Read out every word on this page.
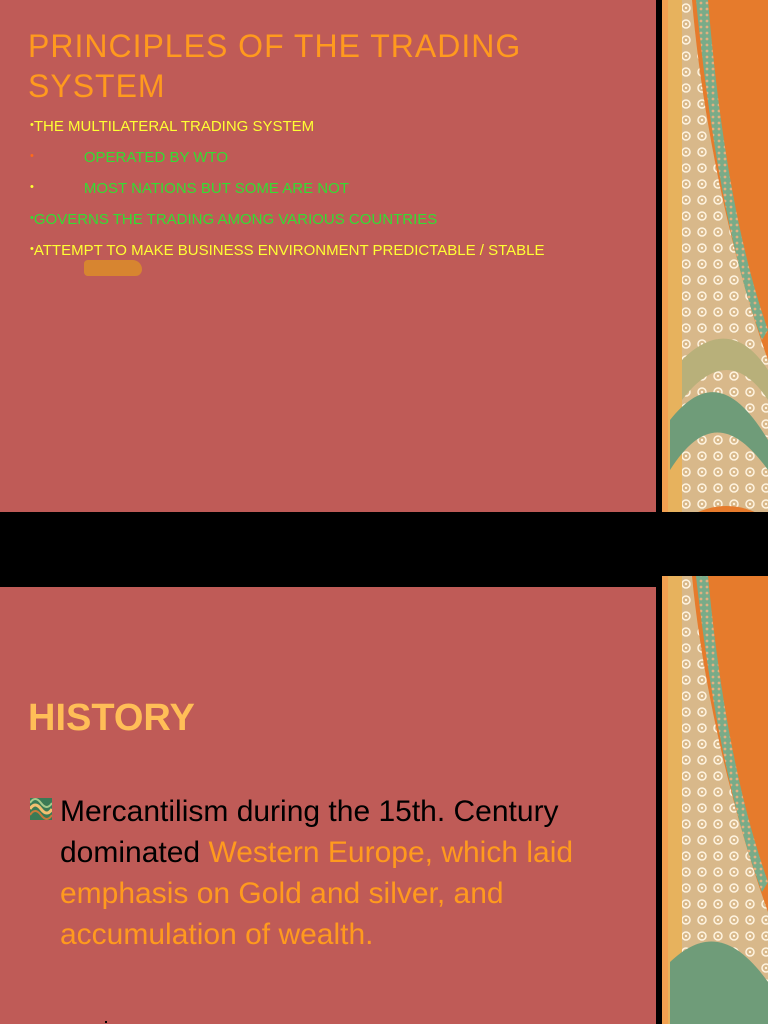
PRINCIPLES OF THE TRADING SYSTEM
•THE MULTILATERAL TRADING SYSTEM
•            OPERATED BY WTO
•            MOST NATIONS BUT SOME ARE NOT
•GOVERNS THE TRADING AMONG VARIOUS COUNTRIES
•ATTEMPT TO MAKE BUSINESS ENVIRONMENT PREDICTABLE / STABLE
HISTORY

Mercantilism during the 15th. Century dominated Western Europe, which laid emphasis on Gold and silver, and accumulation of wealth.
